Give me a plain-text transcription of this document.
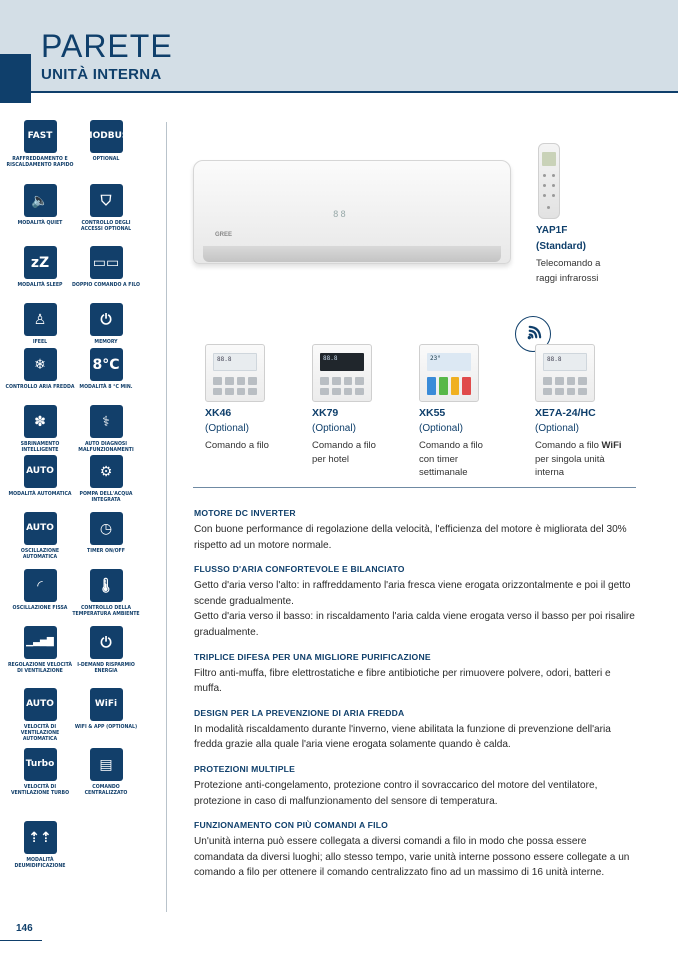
PARETE
UNITÀ INTERNA
FAST
RAFFREDDAMENTO E RISCALDAMENTO RAPIDO
MODBUS
OPTIONAL
🔈
MODALITÀ QUIET
⛉
CONTROLLO DEGLI ACCESSI OPTIONAL
zZ
MODALITÀ SLEEP
▭▭
DOPPIO COMANDO A FILO
♙
IFEEL
⏻
MEMORY
❄
CONTROLLO ARIA FREDDA
8°C
MODALITÀ 8 °C MIN.
✽
SBRINAMENTO INTELLIGENTE
⚕
AUTO DIAGNOSI MALFUNZIONAMENTI
AUTO
MODALITÀ AUTOMATICA
⚙
POMPA DELL'ACQUA INTEGRATA
AUTO
OSCILLAZIONE AUTOMATICA
◷
TIMER ON/OFF
◜
OSCILLAZIONE FISSA
🌡
CONTROLLO DELLA TEMPERATURA AMBIENTE
▁▃▅▇
REGOLAZIONE VELOCITÀ DI VENTILAZIONE
⏻
I-DEMAND RISPARMIO ENERGIA
AUTO
VELOCITÀ DI VENTILAZIONE AUTOMATICA
WiFi
WIFI & APP (OPTIONAL)
Turbo
VELOCITÀ DI VENTILAZIONE TURBO
▤
COMANDO CENTRALIZZATO
⇡⇡
MODALITÀ DEUMIDIFICAZIONE
88
GREE	YAP1F
(Standard)
Telecomando a raggi infrarossi
88.8	88.8	23°	88.8
XK46
(Optional)
Comando a filo
XK79
(Optional)
Comando a filo per hotel
XK55
(Optional)
Comando a filo con timer settimanale
XE7A-24/HC
(Optional)
Comando a filo WiFi per singola unità interna
MOTORE DC INVERTER

Con buone performance di regolazione della velocità, l'efficienza del motore è migliorata del 30% rispetto ad un motore normale.

FLUSSO D'ARIA CONFORTEVOLE E BILANCIATO

Getto d'aria verso l'alto: in raffreddamento l'aria fresca viene erogata orizzontalmente e poi il getto scende gradualmente.
Getto d'aria verso il basso: in riscaldamento l'aria calda viene erogata verso il basso per poi risalire gradualmente.

TRIPLICE DIFESA PER UNA MIGLIORE PURIFICAZIONE

Filtro anti-muffa, fibre elettrostatiche e fibre antibiotiche per rimuovere polvere, odori, batteri e muffa.

DESIGN PER LA PREVENZIONE DI ARIA FREDDA

In modalità riscaldamento durante l'inverno, viene abilitata la funzione di prevenzione dell'aria fredda grazie alla quale l'aria viene erogata solamente quando è calda.

PROTEZIONI MULTIPLE

Protezione anti-congelamento, protezione contro il sovraccarico del motore del ventilatore, protezione in caso di malfunzionamento del sensore di temperatura.

FUNZIONAMENTO CON PIÙ COMANDI A FILO

Un'unità interna può essere collegata a diversi comandi a filo in modo che possa essere comandata da diversi luoghi; allo stesso tempo, varie unità interne possono essere collegate a un comando a filo per ottenere il comando centralizzato fino ad un massimo di 16 unità interne.

146
